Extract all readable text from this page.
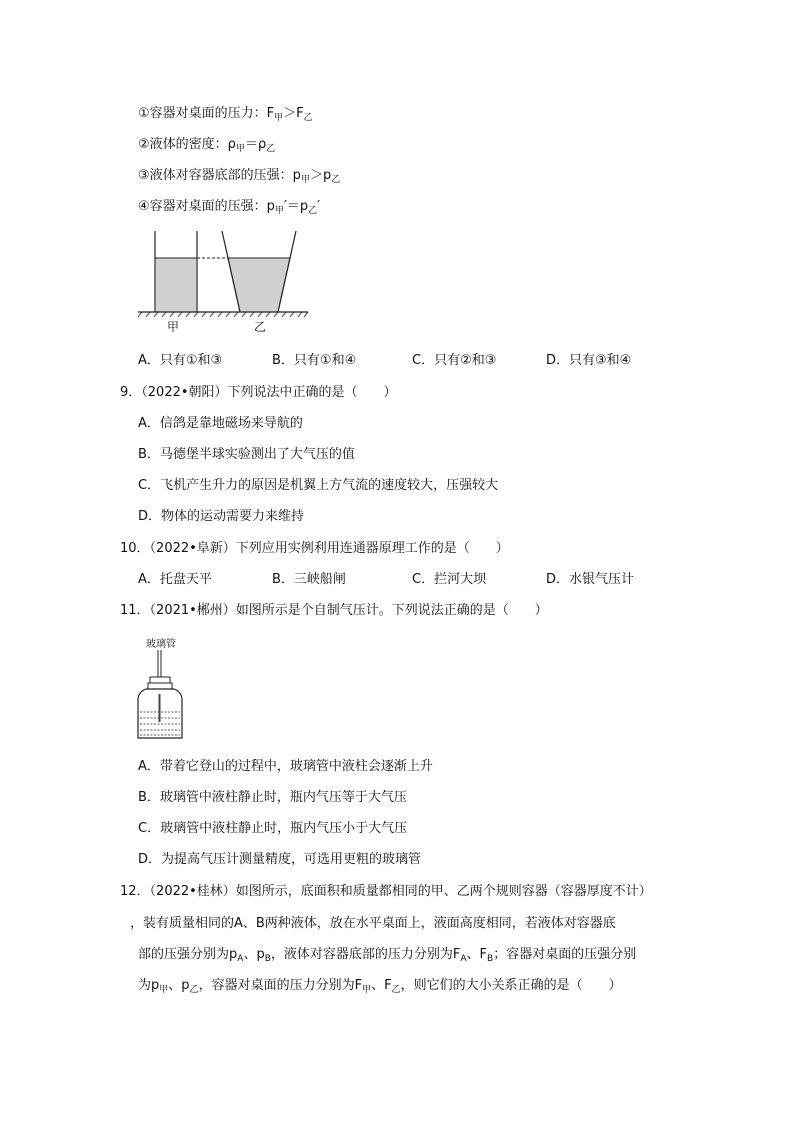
①容器对桌面的压力：$F_甲>F_乙$
②液体的密度：$\rho_甲=\rho_乙$
③液体对容器底部的压强：$p_甲>p_乙$
④容器对桌面的压强：$p_甲'=p_乙'$
甲	乙
A．只有①和③	B．只有①和④	C．只有②和③	D．只有③和④
9．（2022•朝阳）下列说法中正确的是（　　）
A．信鸽是靠地磁场来导航的
B．马德堡半球实验测出了大气压的值
C．飞机产生升力的原因是机翼上方气流的速度较大，压强较大
D．物体的运动需要力来维持
10．（2022•阜新）下列应用实例利用连通器原理工作的是（　　）
A．托盘天平	B．三峡船闸	C．拦河大坝	D．水银气压计
11．（2021•郴州）如图所示是个自制气压计。下列说法正确的是（　　）
玻璃管
A．带着它登山的过程中，玻璃管中液柱会逐渐上升
B．玻璃管中液柱静止时，瓶内气压等于大气压
C．玻璃管中液柱静止时，瓶内气压小于大气压
D．为提高气压计测量精度，可选用更粗的玻璃管
12．（2022•桂林）如图所示，底面积和质量都相同的甲、乙两个规则容器（容器厚度不计）
，装有质量相同的A、B两种液体，放在水平桌面上，液面高度相同，若液体对容器底
部的压强分别为$p_A$、$p_B$，液体对容器底部的压力分别为$F_A$、$F_B$；容器对桌面的压强分别
为$p_甲$、$p_乙$，容器对桌面的压力分别为$F_甲$、$F_乙$，则它们的大小关系正确的是（　　）
